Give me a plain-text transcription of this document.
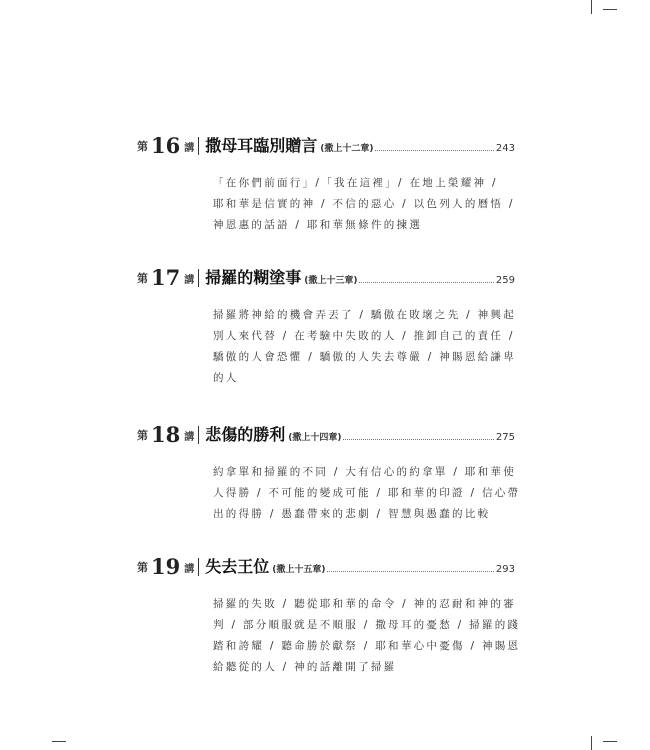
第 16 講 撒母耳臨別贈言 (撒上十二章)	243
「在你們前面行」/「我在這裡」/ 在地上榮耀神 /
耶和華是信實的神 / 不信的惡心 / 以色列人的曆悟 /
神恩惠的話語 / 耶和華無條件的揀選
第 17 講 掃羅的糊塗事 (撒上十三章)	259
掃羅將神給的機會弄丟了 / 驕傲在敗壞之先 / 神興起
別人來代替 / 在考驗中失敗的人 / 推卸自己的責任 /
驕傲的人會恐懼 / 驕傲的人失去尊嚴 / 神賜恩給謙卑
的人
第 18 講 悲傷的勝利 (撒上十四章)	275
約拿單和掃羅的不同 / 大有信心的約拿單 / 耶和華使
人得勝 / 不可能的變成可能 / 耶和華的印證 / 信心帶
出的得勝 / 愚蠢帶來的悲劇 / 智慧與愚蠢的比較
第 19 講 失去王位 (撒上十五章)	293
掃羅的失敗 / 聽從耶和華的命令 / 神的忍耐和神的審
判 / 部分順服就是不順服 / 撒母耳的憂愁 / 掃羅的踐
踏和誇耀 / 聽命勝於獻祭 / 耶和華心中憂傷 / 神賜恩
給聽從的人 / 神的話離開了掃羅
